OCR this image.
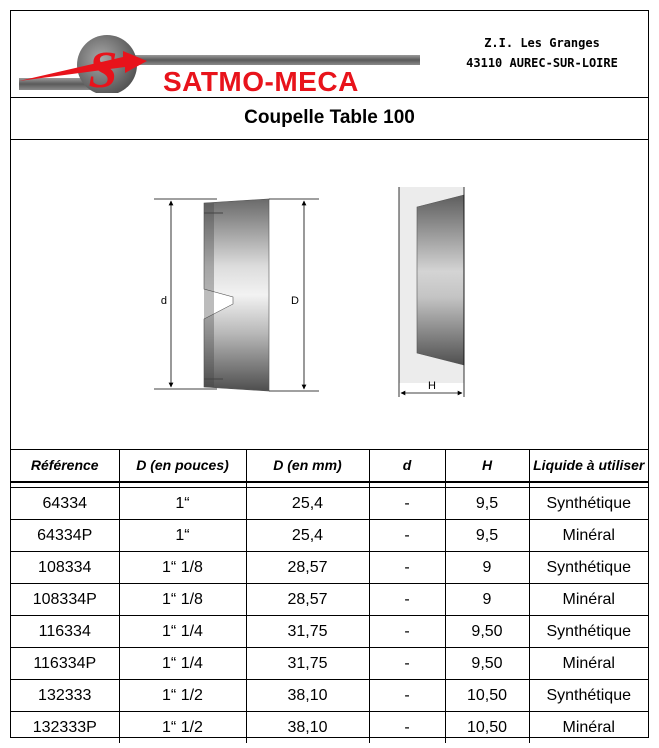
S SATMO-MECA
Z.I. Les Granges
43110 AUREC-SUR-LOIRE
Coupelle Table 100
d	D
H
Référence	D (en pouces)	D (en mm)	d	H	Liquide à utiliser

64334	1“	25,4	-	9,5	Synthétique
64334P	1“	25,4	-	9,5	Minéral
108334	1“ 1/8	28,57	-	9	Synthétique
108334P	1“ 1/8	28,57	-	9	Minéral
116334	1“ 1/4	31,75	-	9,50	Synthétique
116334P	1“ 1/4	31,75	-	9,50	Minéral
132333	1“ 1/2	38,10	-	10,50	Synthétique
132333P	1“ 1/2	38,10	-	10,50	Minéral
